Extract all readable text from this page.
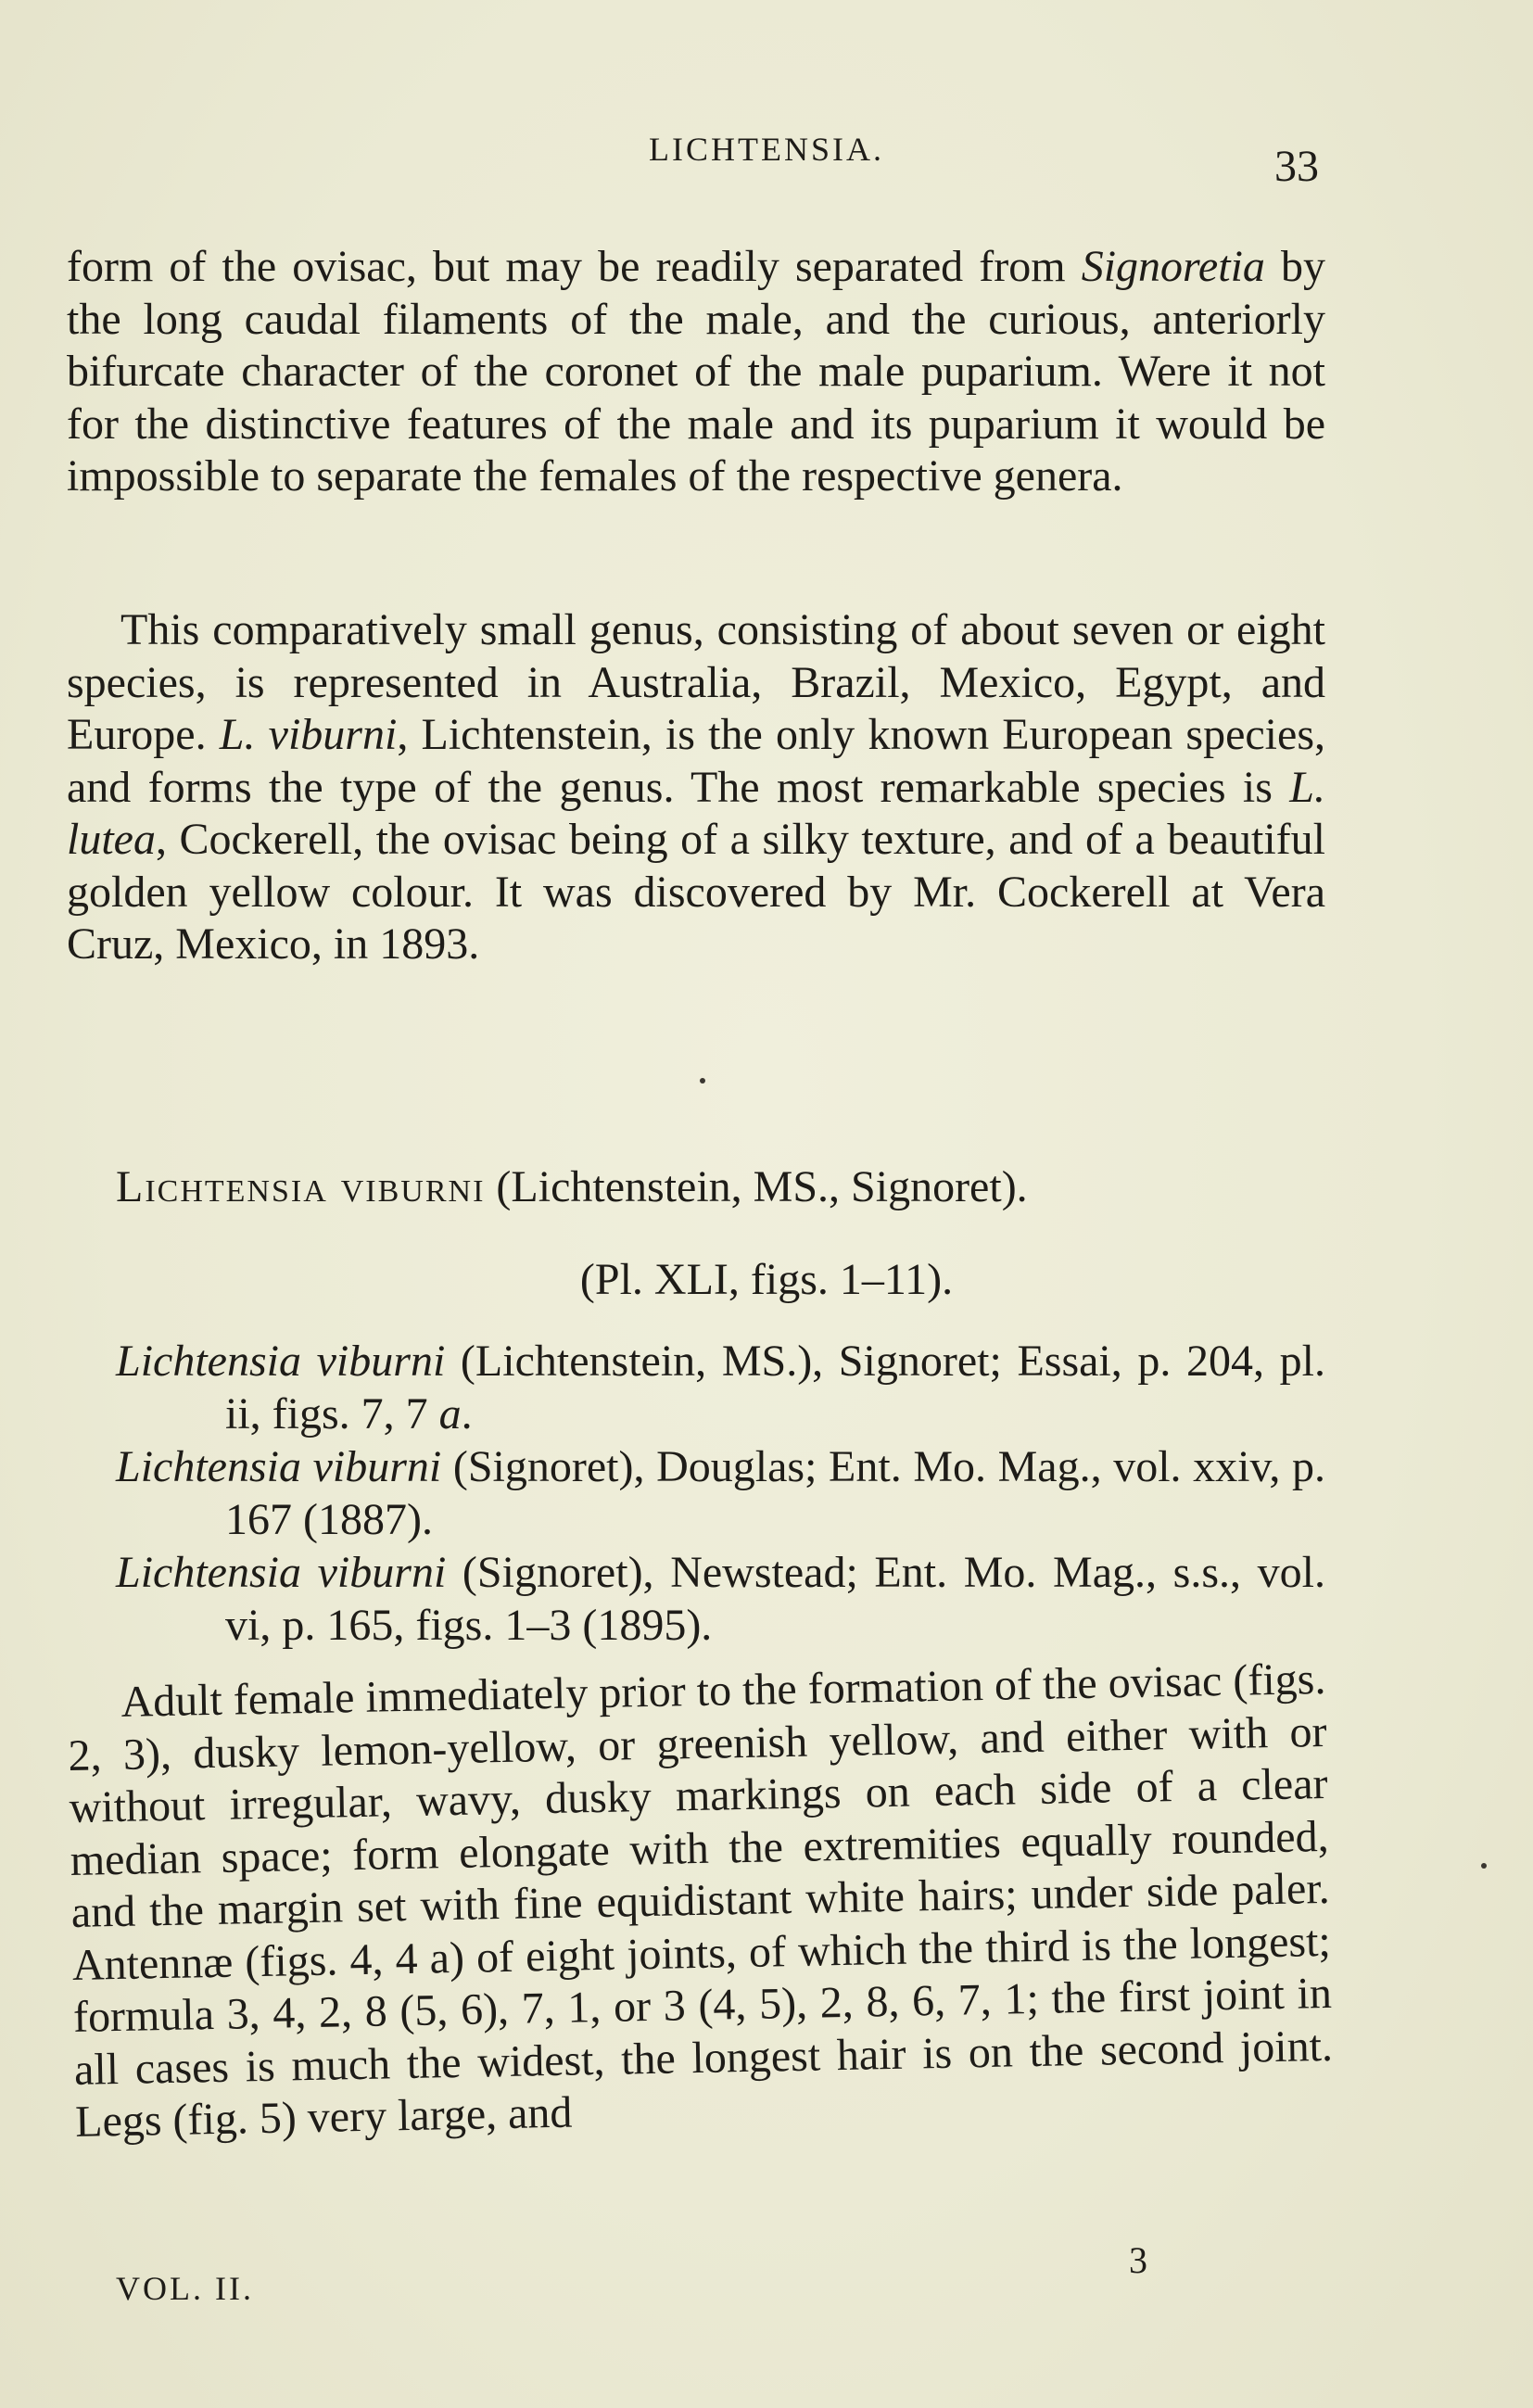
LICHTENSIA.	33

form of the ovisac, but may be readily separated from Signoretia by the long caudal filaments of the male, and the curious, anteriorly bifurcate character of the coronet of the male puparium. Were it not for the distinctive features of the male and its puparium it would be impossible to separate the females of the respective genera.

This comparatively small genus, consisting of about seven or eight species, is represented in Australia, Brazil, Mexico, Egypt, and Europe. L. viburni, Lichtenstein, is the only known European species, and forms the type of the genus. The most remarkable species is L. lutea, Cockerell, the ovisac being of a silky texture, and of a beautiful golden yellow colour. It was discovered by Mr. Cockerell at Vera Cruz, Mexico, in 1893.

Lichtensia viburni (Lichtenstein, MS., Signoret).
(Pl. XLI, figs. 1–11).
Lichtensia viburni (Lichtenstein, MS.), Signoret; Essai, p. 204, pl. ii, figs. 7, 7 a.
Lichtensia viburni (Signoret), Douglas; Ent. Mo. Mag., vol. xxiv, p. 167 (1887).
Lichtensia viburni (Signoret), Newstead; Ent. Mo. Mag., s.s., vol. vi, p. 165, figs. 1–3 (1895).

Adult female immediately prior to the formation of the ovisac (figs. 2, 3), dusky lemon-yellow, or greenish yellow, and either with or without irregular, wavy, dusky markings on each side of a clear median space; form elongate with the extremities equally rounded, and the margin set with fine equidistant white hairs; under side paler. Antennæ (figs. 4, 4 a) of eight joints, of which the third is the longest; formula 3, 4, 2, 8 (5, 6), 7, 1, or 3 (4, 5), 2, 8, 6, 7, 1; the first joint in all cases is much the widest, the longest hair is on the second joint. Legs (fig. 5) very large, and

VOL. II.
3
